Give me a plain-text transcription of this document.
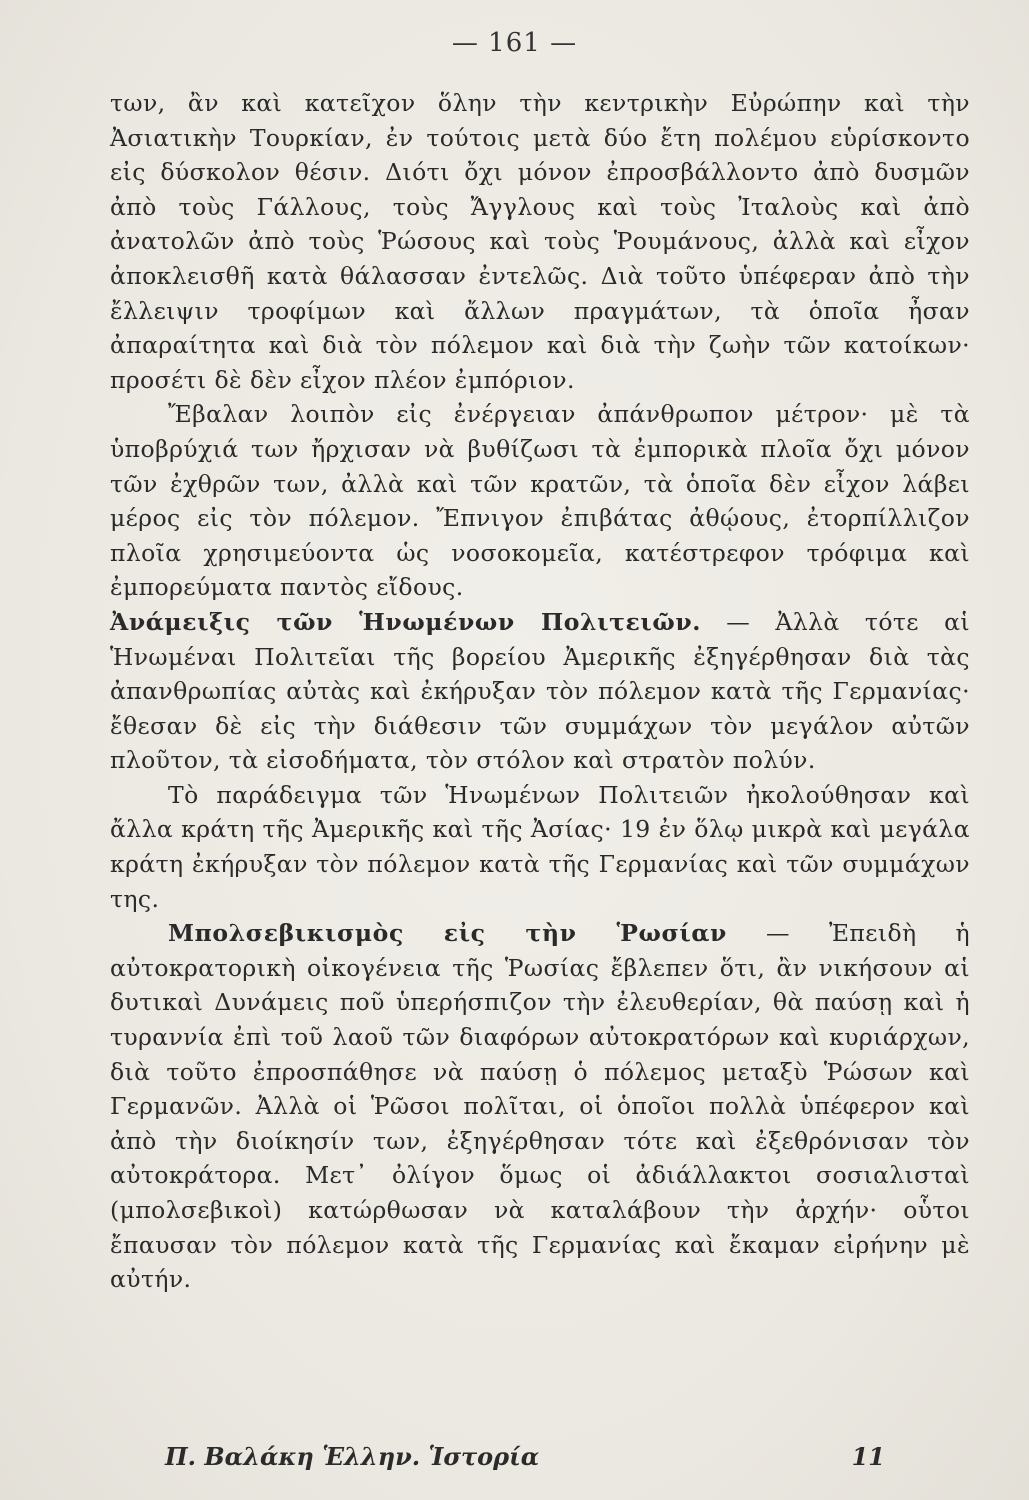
— 161 —

των, ἂν καὶ κατεῖχον ὅλην τὴν κεντρικὴν Εὐρώπην καὶ τὴν Ἀσιατικὴν Τουρκίαν, ἐν τούτοις μετὰ δύο ἔτη πολέμου εὑρίσκοντο εἰς δύσκολον θέσιν. Διότι ὄχι μόνον ἐπροσβάλλοντο ἀπὸ δυσμῶν ἀπὸ τοὺς Γάλλους, τοὺς Ἄγγλους καὶ τοὺς Ἰταλοὺς καὶ ἀπὸ ἀνατολῶν ἀπὸ τοὺς Ῥώσους καὶ τοὺς Ῥουμάνους, ἀλλὰ καὶ εἶχον ἀποκλεισθῆ κατὰ θάλασσαν ἐντελῶς. Διὰ τοῦτο ὑπέφεραν ἀπὸ τὴν ἔλλειψιν τροφίμων καὶ ἄλλων πραγμάτων, τὰ ὁποῖα ἦσαν ἀπαραίτητα καὶ διὰ τὸν πόλεμον καὶ διὰ τὴν ζωὴν τῶν κατοίκων· προσέτι δὲ δὲν εἶχον πλέον ἐμπόριον.

Ἔβαλαν λοιπὸν εἰς ἐνέργειαν ἀπάνθρωπον μέτρον· μὲ τὰ ὑποβρύχιά των ἤρχισαν νὰ βυθίζωσι τὰ ἐμπορικὰ πλοῖα ὄχι μόνον τῶν ἐχθρῶν των, ἀλλὰ καὶ τῶν κρατῶν, τὰ ὁποῖα δὲν εἶχον λάβει μέρος εἰς τὸν πόλεμον. Ἔπνιγον ἐπιβάτας ἀθῴους, ἐτορπίλλιζον πλοῖα χρησιμεύοντα ὡς νοσοκομεῖα, κατέστρεφον τρόφιμα καὶ ἐμπορεύματα παντὸς εἴδους.

Ἀνάμειξις τῶν Ἡνωμένων Πολιτειῶν. — Ἀλλὰ τότε αἱ Ἡνωμέναι Πολιτεῖαι τῆς βορείου Ἀμερικῆς ἐξηγέρθησαν διὰ τὰς ἀπανθρωπίας αὐτὰς καὶ ἐκήρυξαν τὸν πόλεμον κατὰ τῆς Γερμανίας· ἔθεσαν δὲ εἰς τὴν διάθεσιν τῶν συμμάχων τὸν μεγάλον αὐτῶν πλοῦτον, τὰ εἰσοδήματα, τὸν στόλον καὶ στρατὸν πολύν.

Τὸ παράδειγμα τῶν Ἡνωμένων Πολιτειῶν ἠκολούθησαν καὶ ἄλλα κράτη τῆς Ἀμερικῆς καὶ τῆς Ἀσίας· 19 ἐν ὅλῳ μικρὰ καὶ μεγάλα κράτη ἐκήρυξαν τὸν πόλεμον κατὰ τῆς Γερμανίας καὶ τῶν συμμάχων της.

Μπολσεβικισμὸς εἰς τὴν Ῥωσίαν — Ἐπειδὴ ἡ αὐτοκρατορικὴ οἰκογένεια τῆς Ῥωσίας ἔβλεπεν ὅτι, ἂν νικήσουν αἱ δυτικαὶ Δυνάμεις ποῦ ὑπερήσπιζον τὴν ἐλευθερίαν, θὰ παύσῃ καὶ ἡ τυραννία ἐπὶ τοῦ λαοῦ τῶν διαφόρων αὐτοκρατόρων καὶ κυριάρχων, διὰ τοῦτο ἐπροσπάθησε νὰ παύσῃ ὁ πόλεμος μεταξὺ Ῥώσων καὶ Γερμανῶν. Ἀλλὰ οἱ Ῥῶσοι πολῖται, οἱ ὁποῖοι πολλὰ ὑπέφερον καὶ ἀπὸ τὴν διοίκησίν των, ἐξηγέρθησαν τότε καὶ ἐξεθρόνισαν τὸν αὐτοκράτορα. Μετ᾿ ὀλίγον ὅμως οἱ ἀδιάλλακτοι σοσιαλισταὶ (μπολσεβικοὶ) κατώρθωσαν νὰ καταλάβουν τὴν ἀρχήν· οὗτοι ἔπαυσαν τὸν πόλεμον κατὰ τῆς Γερμανίας καὶ ἔκαμαν εἰρήνην μὲ αὐτήν.

Π. Βαλάκη Ἑλλην. Ἱστορία	11
